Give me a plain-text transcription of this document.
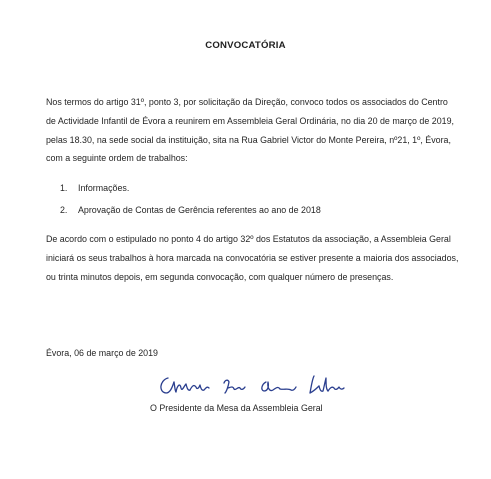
CONVOCATÓRIA
Nos termos do artigo 31º, ponto 3, por solicitação da Direção, convoco todos os associados do Centro de Actividade Infantil de Évora a reunirem em Assembleia Geral Ordinária, no dia 20 de março de 2019, pelas 18.30, na sede social da instituição, sita na Rua Gabriel Victor do Monte Pereira, nº21, 1º, Évora, com a seguinte ordem de trabalhos:
1.	Informações.
2.	Aprovação de Contas de Gerência referentes ao ano de 2018
De acordo com o estipulado no ponto 4 do artigo 32º dos Estatutos da associação, a Assembleia Geral iniciará os seus trabalhos à hora marcada na convocatória se estiver presente a maioria dos associados, ou trinta minutos depois, em segunda convocação, com qualquer número de presenças.
Évora, 06 de março de 2019
O Presidente da Mesa da Assembleia Geral
